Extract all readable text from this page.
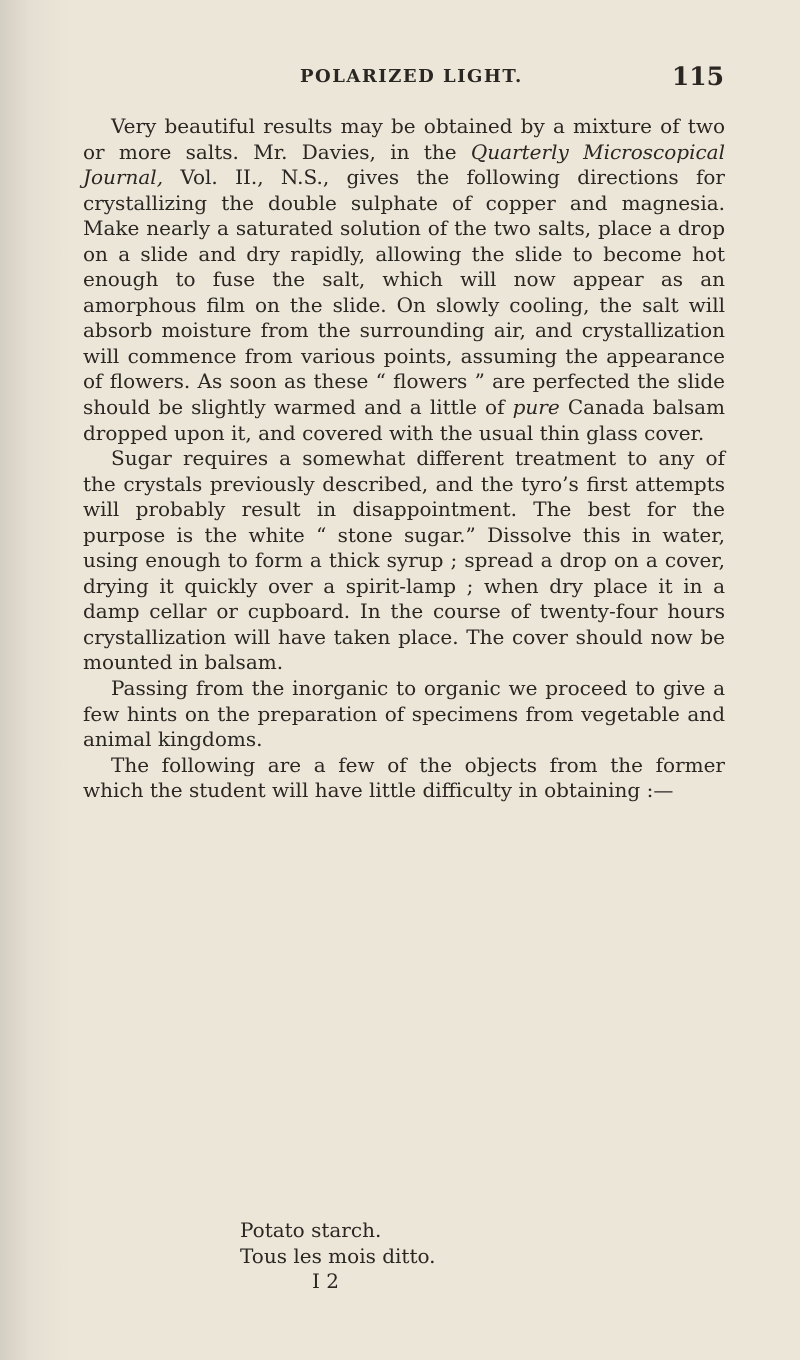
POLARIZED LIGHT.	115

Very beautiful results may be obtained by a mixture of two or more salts. Mr. Davies, in the Quarterly Microscopical Journal, Vol. II., N.S., gives the following directions for crystallizing the double sulphate of copper and magnesia. Make nearly a saturated solution of the two salts, place a drop on a slide and dry rapidly, allowing the slide to become hot enough to fuse the salt, which will now appear as an amorphous film on the slide. On slowly cooling, the salt will absorb moisture from the surrounding air, and crystallization will commence from various points, assuming the appearance of flowers. As soon as these “ flowers ” are perfected the slide should be slightly warmed and a little of pure Canada balsam dropped upon it, and covered with the usual thin glass cover.

Sugar requires a somewhat different treatment to any of the crystals previously described, and the tyro’s first attempts will probably result in disappointment. The best for the purpose is the white “ stone sugar.” Dissolve this in water, using enough to form a thick syrup ; spread a drop on a cover, drying it quickly over a spirit-lamp ; when dry place it in a damp cellar or cupboard. In the course of twenty-four hours crystallization will have taken place. The cover should now be mounted in balsam.

Passing from the inorganic to organic we proceed to give a few hints on the preparation of specimens from vegetable and animal kingdoms.

The following are a few of the objects from the former which the student will have little difficulty in obtaining :—

Potato starch.
Tous les mois ditto.
I 2
